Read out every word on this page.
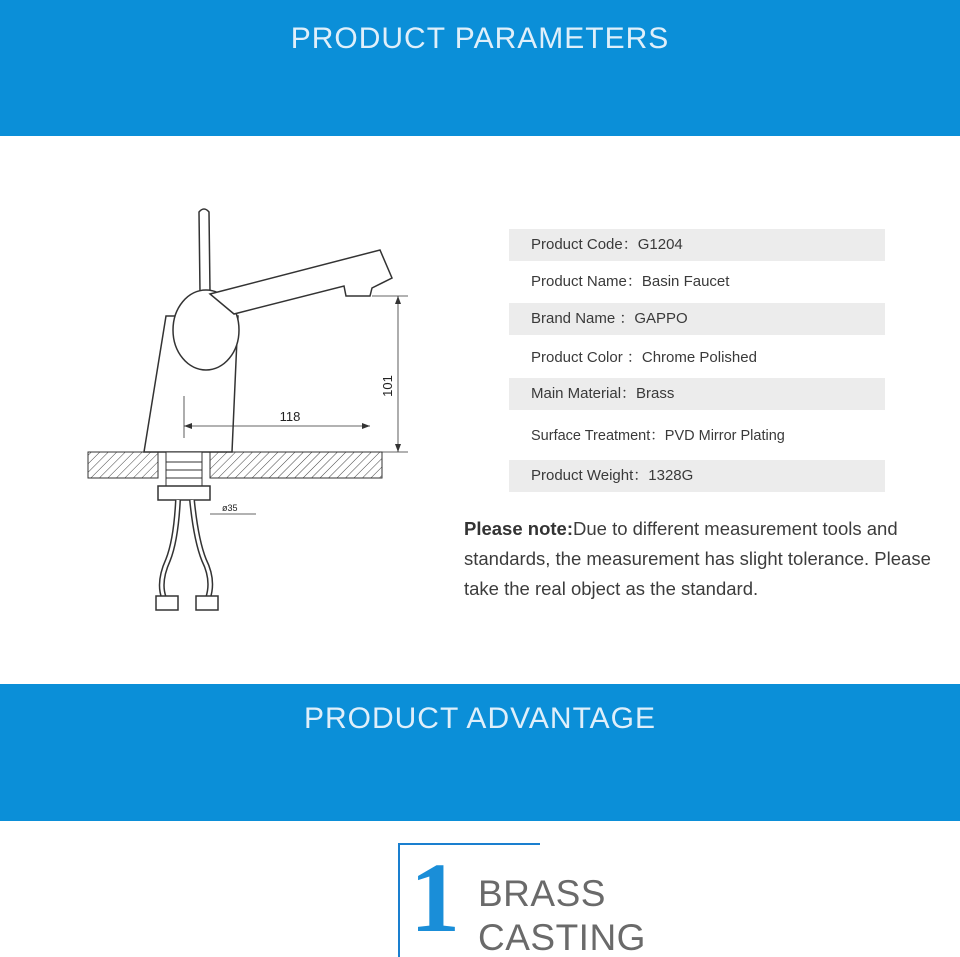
PRODUCT PARAMETERS

118
101
ø35
Product Code：G1204
Product Name：Basin Faucet
Brand Name ：GAPPO
Product Color ：Chrome Polished
Main Material：Brass
Surface Treatment：PVD Mirror Plating
Product Weight：1328G
Please note:Due to different measurement tools and standards, the measurement has slight tolerance. Please take the real object as the standard.
PRODUCT ADVANTAGE
1 BRASS
CASTING
